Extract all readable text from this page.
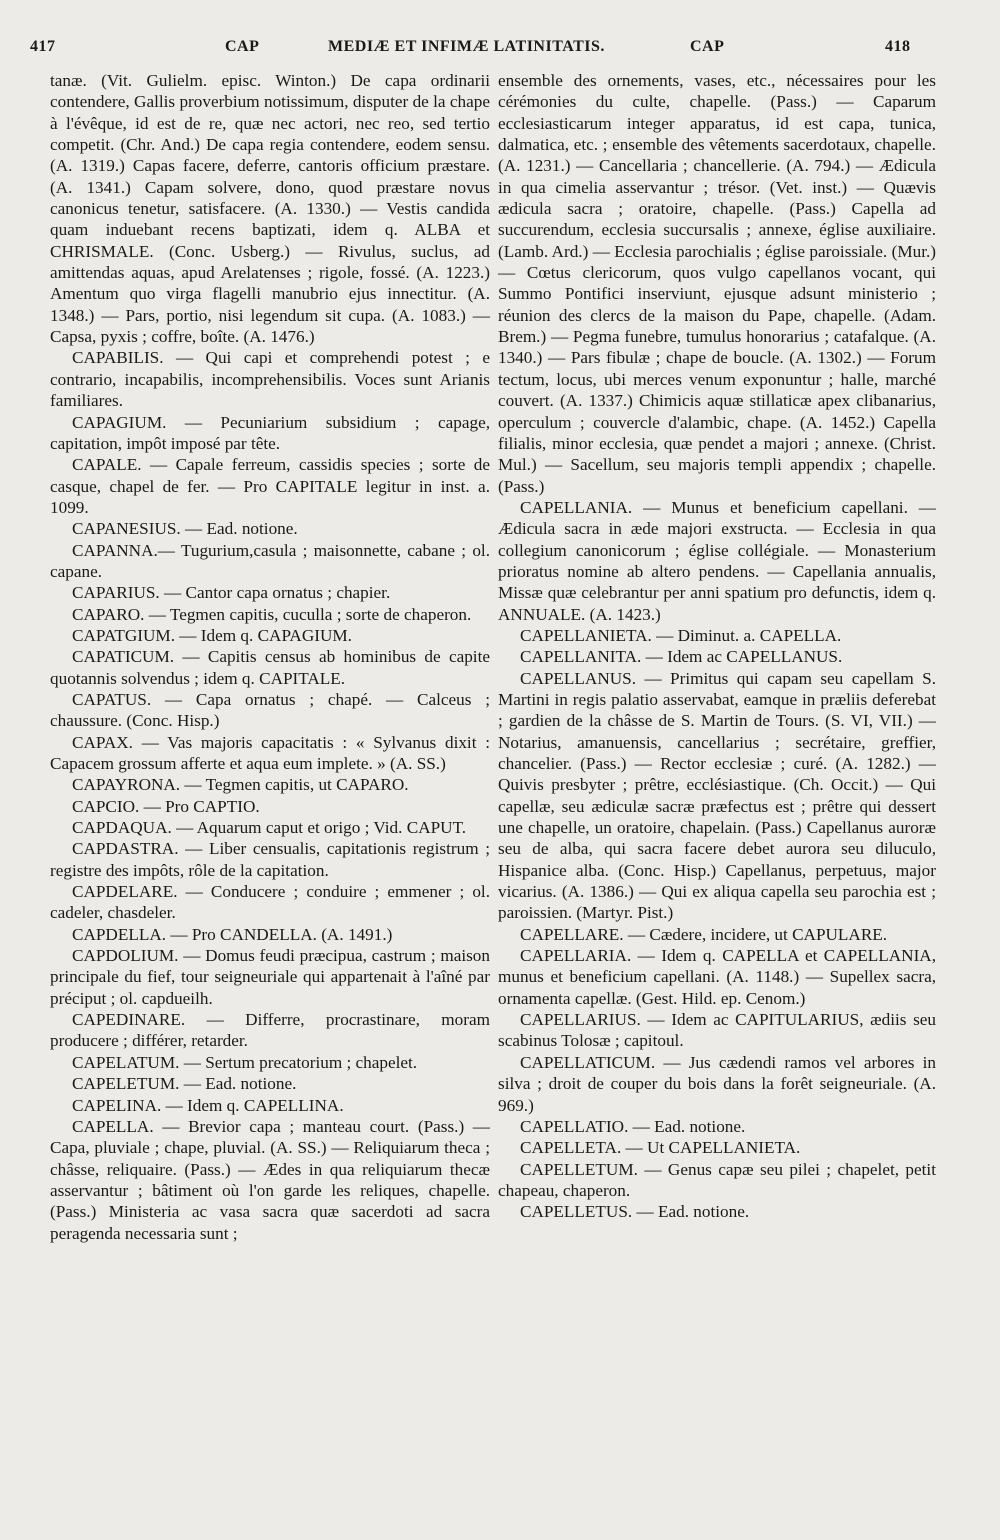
417	CAP	MEDIÆ ET INFIMÆ LATINITATIS.	CAP	418

tanæ. (Vit. Gulielm. episc. Winton.) De capa ordinarii contendere, Gallis proverbium notissimum, disputer de la chape à l'évêque, id est de re, quæ nec actori, nec reo, sed tertio competit. (Chr. And.) De capa regia contendere, eodem sensu. (A. 1319.) Capas facere, deferre, cantoris officium præstare. (A. 1341.) Capam solvere, dono, quod præstare novus canonicus tenetur, satisfacere. (A. 1330.) — Vestis candida quam induebant recens baptizati, idem q. ALBA et CHRISMALE. (Conc. Usberg.) — Rivulus, suclus, ad amittendas aquas, apud Arelatenses ; rigole, fossé. (A. 1223.) Amentum quo virga flagelli manubrio ejus innectitur. (A. 1348.) — Pars, portio, nisi legendum sit cupa. (A. 1083.) — Capsa, pyxis ; coffre, boîte. (A. 1476.)

CAPABILIS. — Qui capi et comprehendi potest ; e contrario, incapabilis, incomprehensibilis. Voces sunt Arianis familiares.

CAPAGIUM. — Pecuniarium subsidium ; capage, capitation, impôt imposé par tête.

CAPALE. — Capale ferreum, cassidis species ; sorte de casque, chapel de fer. — Pro CAPITALE legitur in inst. a. 1099.

CAPANESIUS. — Ead. notione.

CAPANNA.— Tugurium,casula ; maisonnette, cabane ; ol. capane.

CAPARIUS. — Cantor capa ornatus ; chapier.

CAPARO. — Tegmen capitis, cuculla ; sorte de chaperon.

CAPATGIUM. — Idem q. CAPAGIUM.

CAPATICUM. — Capitis census ab hominibus de capite quotannis solvendus ; idem q. CAPITALE.

CAPATUS. — Capa ornatus ; chapé. — Calceus ; chaussure. (Conc. Hisp.)

CAPAX. — Vas majoris capacitatis : « Sylvanus dixit : Capacem grossum afferte et aqua eum implete. » (A. SS.)

CAPAYRONA. — Tegmen capitis, ut CAPARO.

CAPCIO. — Pro CAPTIO.

CAPDAQUA. — Aquarum caput et origo ; Vid. CAPUT.

CAPDASTRA. — Liber censualis, capitationis registrum ; registre des impôts, rôle de la capitation.

CAPDELARE. — Conducere ; conduire ; emmener ; ol. cadeler, chasdeler.

CAPDELLA. — Pro CANDELLA. (A. 1491.)

CAPDOLIUM. — Domus feudi præcipua, castrum ; maison principale du fief, tour seigneuriale qui appartenait à l'aîné par préciput ; ol. capdueilh.

CAPEDINARE. — Differre, procrastinare, moram producere ; différer, retarder.

CAPELATUM. — Sertum precatorium ; chapelet.

CAPELETUM. — Ead. notione.

CAPELINA. — Idem q. CAPELLINA.

CAPELLA. — Brevior capa ; manteau court. (Pass.) — Capa, pluviale ; chape, pluvial. (A. SS.) — Reliquiarum theca ; châsse, reliquaire. (Pass.) — Ædes in qua reliquiarum thecæ asservantur ; bâtiment où l'on garde les reliques, chapelle. (Pass.) Ministeria ac vasa sacra quæ sacerdoti ad sacra peragenda necessaria sunt ;

ensemble des ornements, vases, etc., nécessaires pour les cérémonies du culte, chapelle. (Pass.) — Caparum ecclesiasticarum integer apparatus, id est capa, tunica, dalmatica, etc. ; ensemble des vêtements sacerdotaux, chapelle. (A. 1231.) — Cancellaria ; chancellerie. (A. 794.) — Ædicula in qua cimelia asservantur ; trésor. (Vet. inst.) — Quævis ædicula sacra ; oratoire, chapelle. (Pass.) Capella ad succurendum, ecclesia succursalis ; annexe, église auxiliaire. (Lamb. Ard.) — Ecclesia parochialis ; église paroissiale. (Mur.) — Cœtus clericorum, quos vulgo capellanos vocant, qui Summo Pontifici inserviunt, ejusque adsunt ministerio ; réunion des clercs de la maison du Pape, chapelle. (Adam. Brem.) — Pegma funebre, tumulus honorarius ; catafalque. (A. 1340.) — Pars fibulæ ; chape de boucle. (A. 1302.) — Forum tectum, locus, ubi merces venum exponuntur ; halle, marché couvert. (A. 1337.) Chimicis aquæ stillaticæ apex clibanarius, operculum ; couvercle d'alambic, chape. (A. 1452.) Capella filialis, minor ecclesia, quæ pendet a majori ; annexe. (Christ. Mul.) — Sacellum, seu majoris templi appendix ; chapelle. (Pass.)

CAPELLANIA. — Munus et beneficium capellani. — Ædicula sacra in æde majori exstructa. — Ecclesia in qua collegium canonicorum ; église collégiale. — Monasterium prioratus nomine ab altero pendens. — Capellania annualis, Missæ quæ celebrantur per anni spatium pro defunctis, idem q. ANNUALE. (A. 1423.)

CAPELLANIETA. — Diminut. a. CAPELLA.

CAPELLANITA. — Idem ac CAPELLANUS.

CAPELLANUS. — Primitus qui capam seu capellam S. Martini in regis palatio asservabat, eamque in præliis deferebat ; gardien de la châsse de S. Martin de Tours. (S. VI, VII.) — Notarius, amanuensis, cancellarius ; secrétaire, greffier, chancelier. (Pass.) — Rector ecclesiæ ; curé. (A. 1282.) — Quivis presbyter ; prêtre, ecclésiastique. (Ch. Occit.) — Qui capellæ, seu ædiculæ sacræ præfectus est ; prêtre qui dessert une chapelle, un oratoire, chapelain. (Pass.) Capellanus auroræ seu de alba, qui sacra facere debet aurora seu diluculo, Hispanice alba. (Conc. Hisp.) Capellanus, perpetuus, major vicarius. (A. 1386.) — Qui ex aliqua capella seu parochia est ; paroissien. (Martyr. Pist.)

CAPELLARE. — Cædere, incidere, ut CAPULARE.

CAPELLARIA. — Idem q. CAPELLA et CAPELLANIA, munus et beneficium capellani. (A. 1148.) — Supellex sacra, ornamenta capellæ. (Gest. Hild. ep. Cenom.)

CAPELLARIUS. — Idem ac CAPITULARIUS, ædiis seu scabinus Tolosæ ; capitoul.

CAPELLATICUM. — Jus cædendi ramos vel arbores in silva ; droit de couper du bois dans la forêt seigneuriale. (A. 969.)

CAPELLATIO. — Ead. notione.

CAPELLETA. — Ut CAPELLANIETA.

CAPELLETUM. — Genus capæ seu pilei ; chapelet, petit chapeau, chaperon.

CAPELLETUS. — Ead. notione.
